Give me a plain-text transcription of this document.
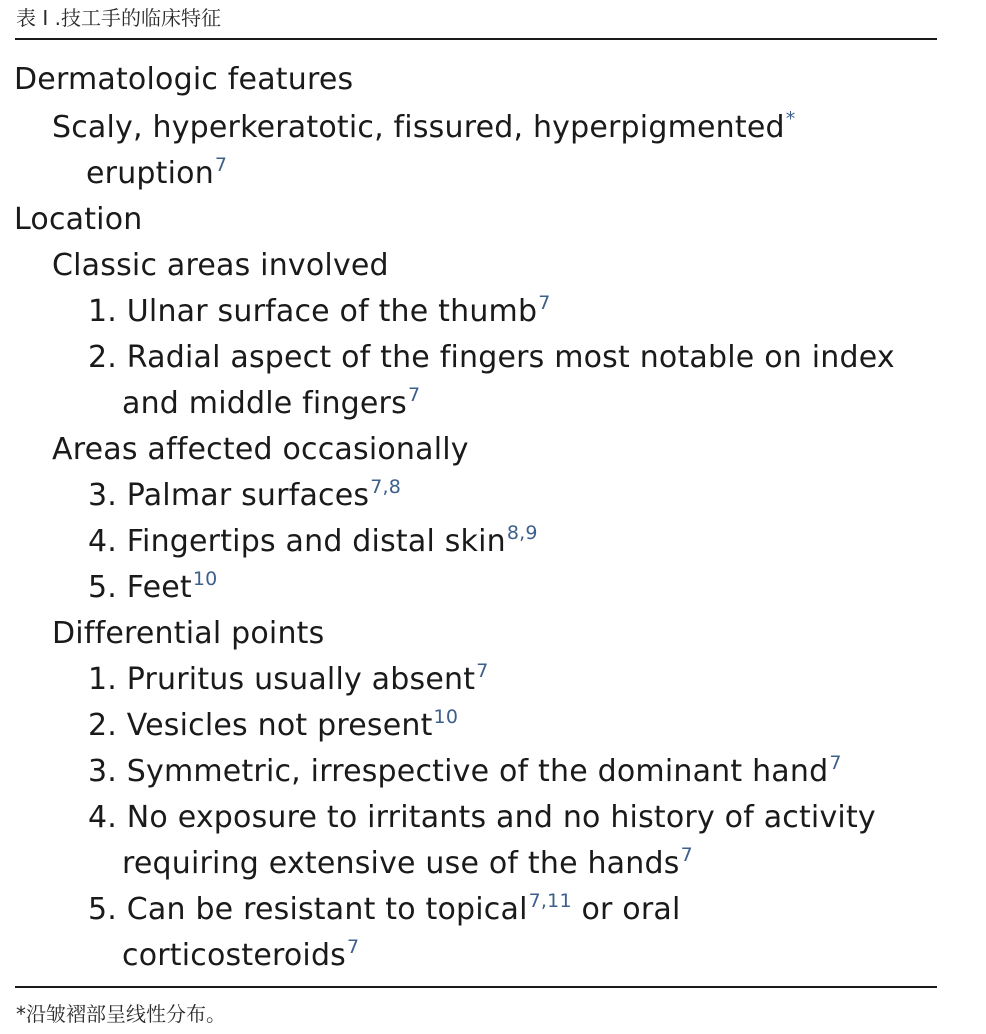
表 I .技工手的临床特征
Dermatologic features
Scaly, hyperkeratotic, fissured, hyperpigmented*
eruption$^7$
Location
Classic areas involved
1. Ulnar surface of the thumb$^7$
2. Radial aspect of the fingers most notable on index
and middle fingers$^7$
Areas affected occasionally
3. Palmar surfaces$^{7,8}$
4. Fingertips and distal skin$^{8,9}$
5. Feet$^{10}$
Differential points
1. Pruritus usually absent$^7$
2. Vesicles not present$^{10}$
3. Symmetric, irrespective of the dominant hand$^7$
4. No exposure to irritants and no history of activity
requiring extensive use of the hands$^7$
5. Can be resistant to topical$^{7,11}$ or oral
corticosteroids$^7$
*沿皱褶部呈线性分布。
